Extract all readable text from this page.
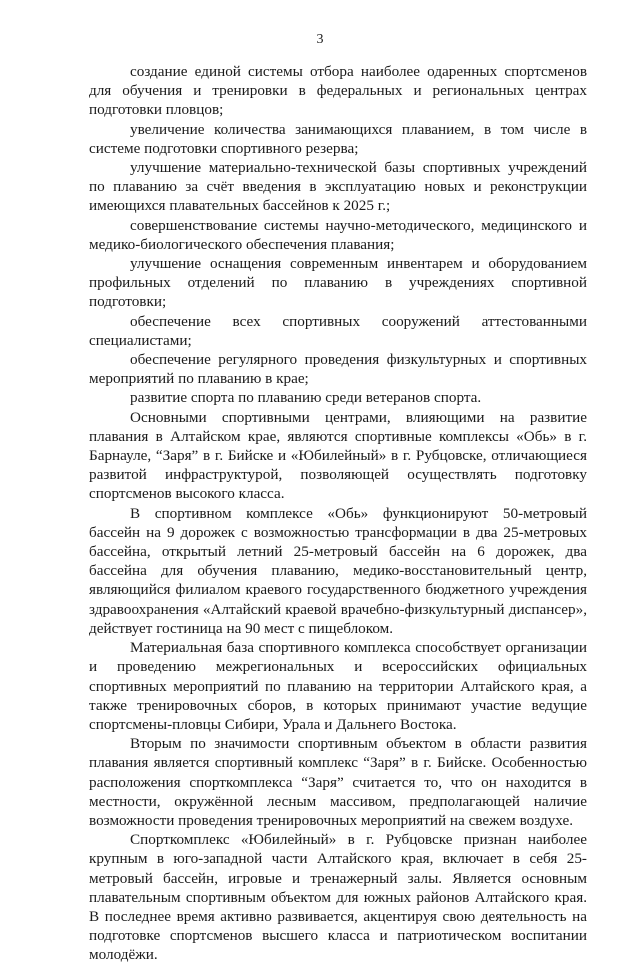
3

создание единой системы отбора наиболее одаренных спортсменов для обучения и тренировки в федеральных и региональных центрах подготовки пловцов;

увеличение количества занимающихся плаванием, в том числе в системе подготовки спортивного резерва;

улучшение материально-технической базы спортивных учреждений по плаванию за счёт введения в эксплуатацию новых и реконструкции имеющихся плавательных бассейнов к 2025 г.;

совершенствование системы научно-методического, медицинского и медико-биологического обеспечения плавания;

улучшение оснащения современным инвентарем и оборудованием профильных отделений по плаванию в учреждениях спортивной подготовки;

обеспечение всех спортивных сооружений аттестованными специалистами;

обеспечение регулярного проведения физкультурных и спортивных мероприятий по плаванию в крае;

развитие спорта по плаванию среди ветеранов спорта.

Основными спортивными центрами, влияющими на развитие плавания в Алтайском крае, являются спортивные комплексы «Обь» в г. Барнауле, “Заря” в г. Бийске и «Юбилейный» в г. Рубцовске, отличающиеся развитой инфраструктурой, позволяющей осуществлять подготовку спортсменов высокого класса.

В спортивном комплексе «Обь» функционируют 50-метровый бассейн на 9 дорожек с возможностью трансформации в два 25-метровых бассейна, открытый летний 25-метровый бассейн на 6 дорожек, два бассейна для обучения плаванию, медико-восстановительный центр, являющийся филиалом краевого государственного бюджетного учреждения здравоохранения «Алтайский краевой врачебно-физкультурный диспансер», действует гостиница на 90 мест с пищеблоком.

Материальная база спортивного комплекса способствует организации и проведению межрегиональных и всероссийских официальных спортивных мероприятий по плаванию на территории Алтайского края, а также тренировочных сборов, в которых принимают участие ведущие спортсмены-пловцы Сибири, Урала и Дальнего Востока.

Вторым по значимости спортивным объектом в области развития плавания является спортивный комплекс “Заря” в г. Бийске. Особенностью расположения спорткомплекса “Заря” считается то, что он находится в местности, окружённой лесным массивом, предполагающей наличие возможности проведения тренировочных мероприятий на свежем воздухе.

Спорткомплекс «Юбилейный» в г. Рубцовске признан наиболее крупным в юго-западной части Алтайского края, включает в себя 25-метровый бассейн, игровые и тренажерный залы. Является основным плавательным спортивным объектом для южных районов Алтайского края. В последнее время активно развивается, акцентируя свою деятельность на подготовке спортсменов высшего класса и патриотическом воспитании молодёжи.
